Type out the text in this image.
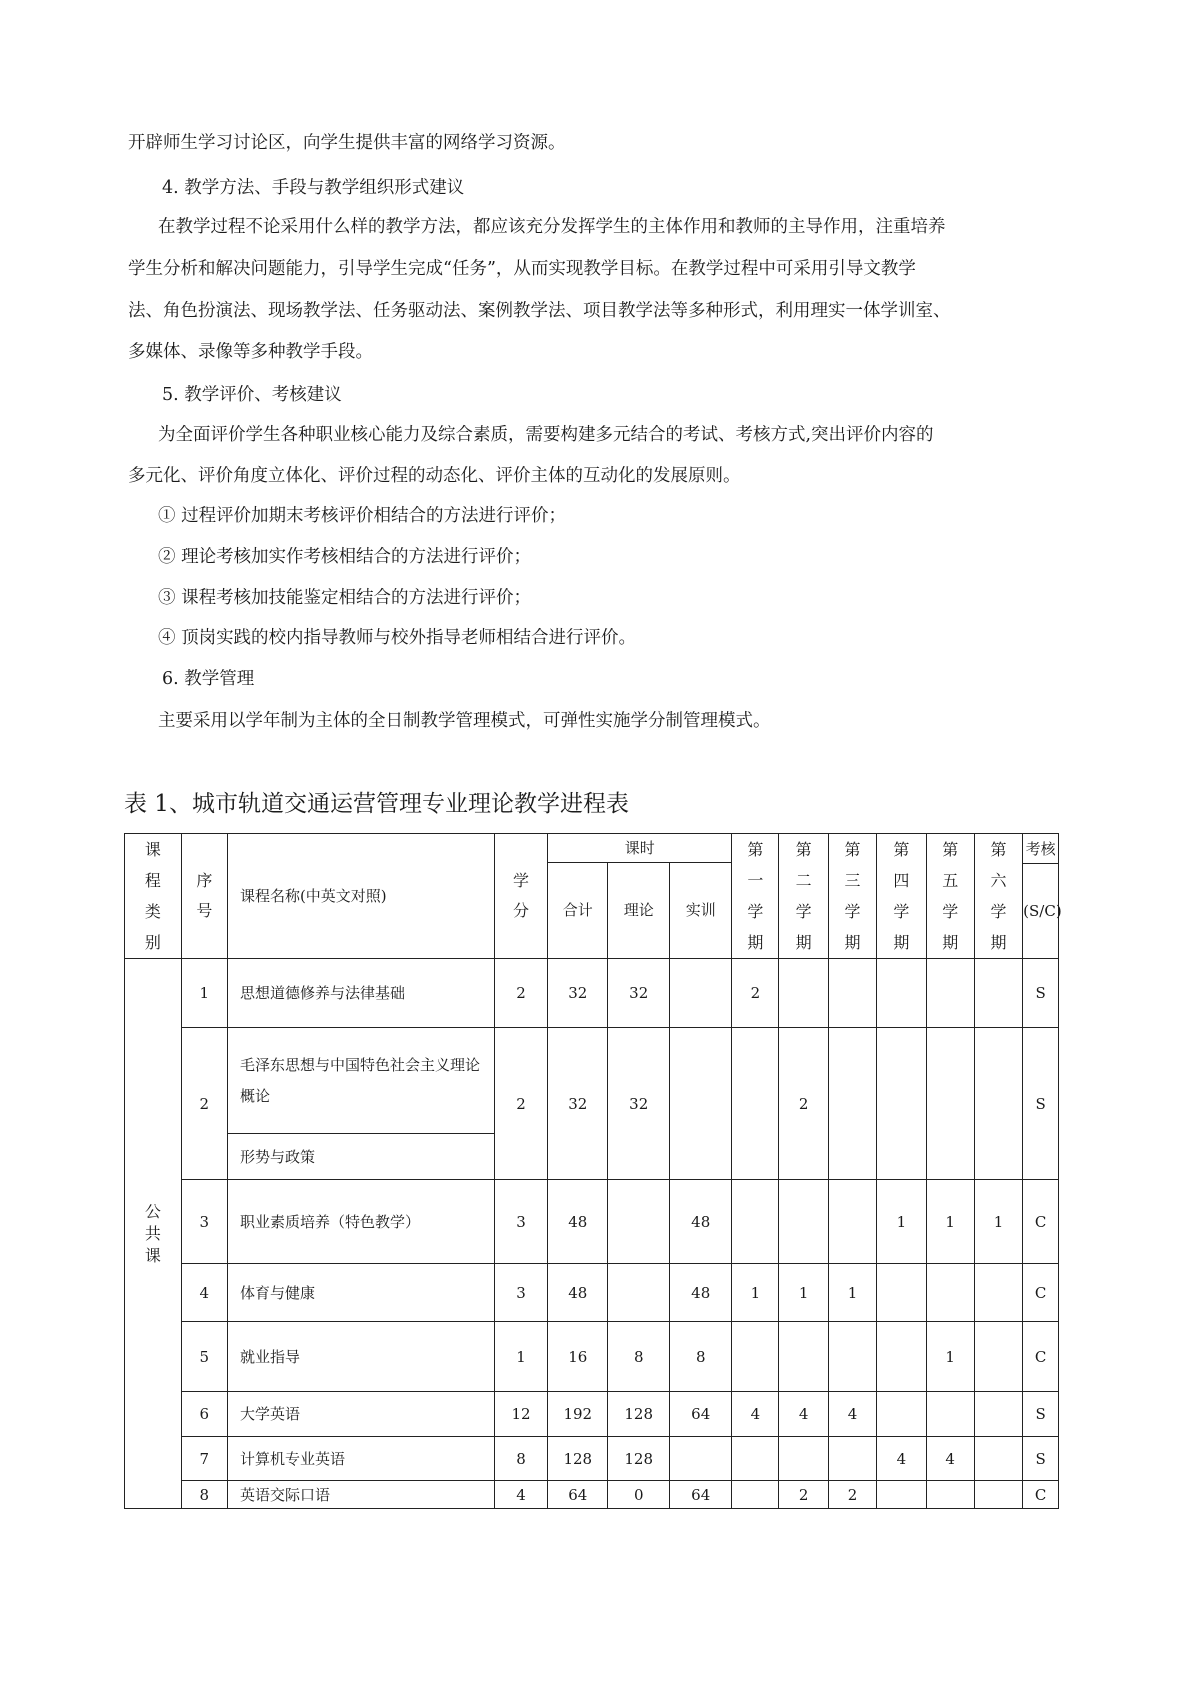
开辟师生学习讨论区，向学生提供丰富的网络学习资源。
4. 教学方法、手段与教学组织形式建议
在教学过程不论采用什么样的教学方法，都应该充分发挥学生的主体作用和教师的主导作用，注重培养
学生分析和解决问题能力，引导学生完成“任务”，从而实现教学目标。在教学过程中可采用引导文教学
法、角色扮演法、现场教学法、任务驱动法、案例教学法、项目教学法等多种形式，利用理实一体学训室、
多媒体、录像等多种教学手段。
5. 教学评价、考核建议
为全面评价学生各种职业核心能力及综合素质，需要构建多元结合的考试、考核方式,突出评价内容的
多元化、评价角度立体化、评价过程的动态化、评价主体的互动化的发展原则。
① 过程评价加期末考核评价相结合的方法进行评价；
② 理论考核加实作考核相结合的方法进行评价；
③ 课程考核加技能鉴定相结合的方法进行评价；
④ 顶岗实践的校内指导教师与校外指导老师相结合进行评价。
6. 教学管理
主要采用以学年制为主体的全日制教学管理模式，可弹性实施学分制管理模式。
表 1、城市轨道交通运营管理专业理论教学进程表
课程类别	序号	课程名称(中英文对照)	学分	课时			第一学期	第二学期	第三学期	第四学期	第五学期	第六学期	考核
(S/C)

				合计	理论	实训							
公共课	1	思想道德修养与法律基础	2	32	32		2						S
	2	毛泽东思想与中国特色社会主义理论概论	2	32	32			2					S
		形势与政策											
	3	职业素质培养（特色教学）	3	48		48				1	1	1	C
	4	体育与健康	3	48		48	1	1	1				C
	5	就业指导	1	16	8	8					1		C
	6	大学英语	12	192	128	64	4	4	4				S
	7	计算机专业英语	8	128	128					4	4		S
	8	英语交际口语	4	64	0	64		2	2				C
